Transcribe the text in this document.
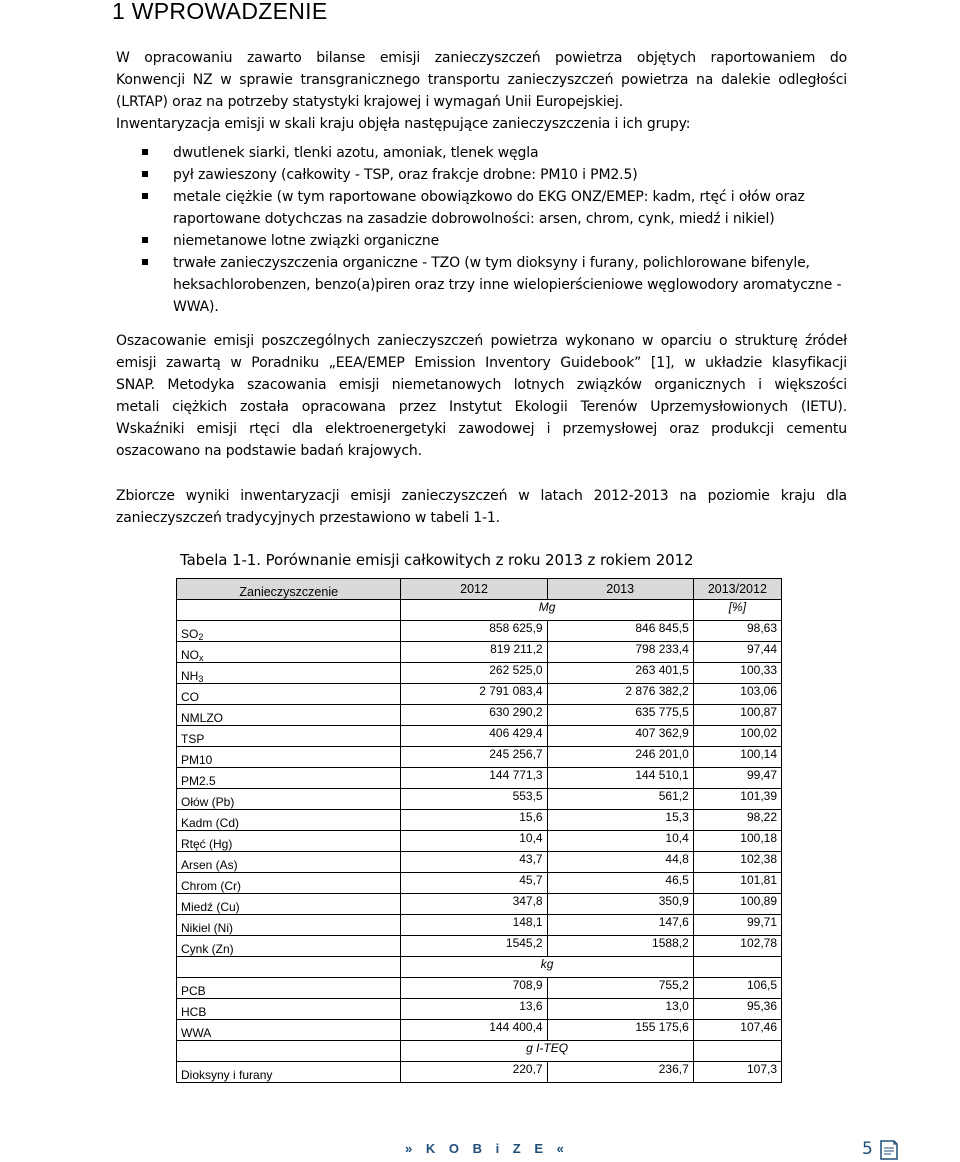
1 WPROWADZENIE
W opracowaniu zawarto bilanse emisji zanieczyszczeń powietrza objętych raportowaniem do
Konwencji NZ w sprawie transgranicznego transportu zanieczyszczeń powietrza na dalekie odległości
(LRTAP) oraz na potrzeby statystyki krajowej i wymagań Unii Europejskiej.
Inwentaryzacja emisji w skali kraju objęła następujące zanieczyszczenia i ich grupy:
dwutlenek siarki, tlenki azotu, amoniak, tlenek węgla
pył zawieszony (całkowity - TSP, oraz frakcje drobne: PM10 i PM2.5)
metale ciężkie (w tym raportowane obowiązkowo do EKG ONZ/EMEP: kadm, rtęć i ołów oraz raportowane dotychczas na zasadzie dobrowolności: arsen, chrom, cynk, miedź i nikiel)
niemetanowe lotne związki organiczne
trwałe zanieczyszczenia organiczne - TZO (w tym dioksyny i furany, polichlorowane bifenyle, heksachlorobenzen, benzo(a)piren oraz trzy inne wielopierścieniowe węglowodory aromatyczne - WWA).
Oszacowanie emisji poszczególnych zanieczyszczeń powietrza wykonano w oparciu o strukturę źródeł
emisji zawartą w Poradniku „EEA/EMEP Emission Inventory Guidebook” [1], w układzie klasyfikacji
SNAP. Metodyka szacowania emisji niemetanowych lotnych związków organicznych i większości
metali ciężkich została opracowana przez Instytut Ekologii Terenów Uprzemysłowionych (IETU).
Wskaźniki emisji rtęci dla elektroenergetyki zawodowej i przemysłowej oraz produkcji cementu
oszacowano na podstawie badań krajowych.
Zbiorcze wyniki inwentaryzacji emisji zanieczyszczeń w latach 2012-2013 na poziomie kraju dla
zanieczyszczeń tradycyjnych przestawiono w tabeli 1-1.

Tabela 1-1. Porównanie emisji całkowitych z roku 2013 z rokiem 2012

Zanieczyszczenie	2012	2013	2013/2012
	Mg		[%]
$SO_2$	858 625,9	846 845,5	98,63
$NO_x$	819 211,2	798 233,4	97,44
$NH_3$	262 525,0	263 401,5	100,33
CO	2 791 083,4	2 876 382,2	103,06
NMLZO	630 290,2	635 775,5	100,87
TSP	406 429,4	407 362,9	100,02
PM10	245 256,7	246 201,0	100,14
PM2.5	144 771,3	144 510,1	99,47
Ołów (Pb)	553,5	561,2	101,39
Kadm (Cd)	15,6	15,3	98,22
Rtęć (Hg)	10,4	10,4	100,18
Arsen (As)	43,7	44,8	102,38
Chrom (Cr)	45,7	46,5	101,81
Miedź (Cu)	347,8	350,9	100,89
Nikiel (Ni)	148,1	147,6	99,71
Cynk (Zn)	1545,2	1588,2	102,78
	kg		
PCB	708,9	755,2	106,5
HCB	13,6	13,0	95,36
WWA	144 400,4	155 175,6	107,46
	g I-TEQ		
Dioksyny i furany	220,7	236,7	107,3
» K O B i Z E «	5
